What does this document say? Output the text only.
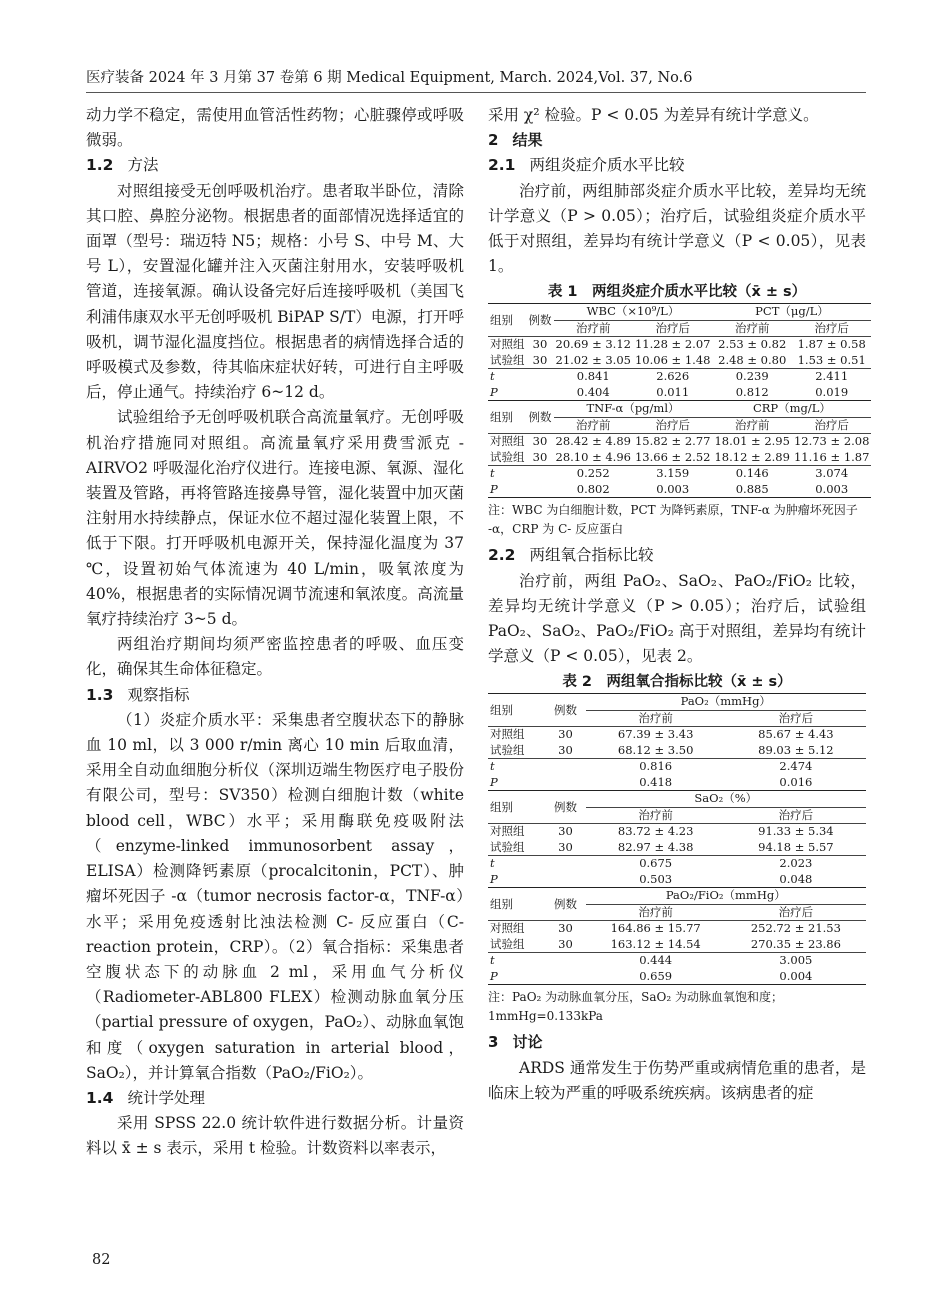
医疗装备 2024 年 3 月第 37 卷第 6 期 Medical Equipment, March. 2024,Vol. 37, No.6

动力学不稳定，需使用血管活性药物；心脏骤停或呼吸微弱。

1.2 方法

对照组接受无创呼吸机治疗。患者取半卧位，清除其口腔、鼻腔分泌物。根据患者的面部情况选择适宜的面罩（型号：瑞迈特 N5；规格：小号 S、中号 M、大号 L），安置湿化罐并注入灭菌注射用水，安装呼吸机管道，连接氧源。确认设备完好后连接呼吸机（美国飞利浦伟康双水平无创呼吸机 BiPAP S/T）电源，打开呼吸机，调节湿化温度挡位。根据患者的病情选择合适的呼吸模式及参数，待其临床症状好转，可进行自主呼吸后，停止通气。持续治疗 6~12 d。

试验组给予无创呼吸机联合高流量氧疗。无创呼吸机治疗措施同对照组。高流量氧疗采用费雪派克 -AIRVO2 呼吸湿化治疗仪进行。连接电源、氧源、湿化装置及管路，再将管路连接鼻导管，湿化装置中加灭菌注射用水持续静点，保证水位不超过湿化装置上限，不低于下限。打开呼吸机电源开关，保持湿化温度为 37 ℃，设置初始气体流速为 40 L/min，吸氧浓度为 40%，根据患者的实际情况调节流速和氧浓度。高流量氧疗持续治疗 3~5 d。

两组治疗期间均须严密监控患者的呼吸、血压变化，确保其生命体征稳定。

1.3 观察指标

（1）炎症介质水平：采集患者空腹状态下的静脉血 10 ml，以 3 000 r/min 离心 10 min 后取血清，采用全自动血细胞分析仪（深圳迈端生物医疗电子股份有限公司，型号：SV350）检测白细胞计数（white blood cell，WBC）水平；采用酶联免疫吸附法（enzyme-linked immunosorbent assay，ELISA）检测降钙素原（procalcitonin，PCT）、肿瘤坏死因子 -α（tumor necrosis factor-α，TNF-α）水平；采用免疫透射比浊法检测 C- 反应蛋白（C-reaction protein，CRP）。（2）氧合指标：采集患者空腹状态下的动脉血 2 ml，采用血气分析仪（Radiometer-ABL800 FLEX）检测动脉血氧分压（partial pressure of oxygen，PaO₂）、动脉血氧饱和度（oxygen saturation in arterial blood，SaO₂），并计算氧合指数（PaO₂/FiO₂）。

1.4 统计学处理

采用 SPSS 22.0 统计软件进行数据分析。计量资料以 x̄ ± s 表示，采用 t 检验。计数资料以率表示，

采用 χ² 检验。P < 0.05 为差异有统计学意义。

2 结果
2.1 两组炎症介质水平比较

治疗前，两组肺部炎症介质水平比较，差异均无统计学意义（P > 0.05）；治疗后，试验组炎症介质水平低于对照组，差异均有统计学意义（P < 0.05），见表 1。

表 1　两组炎症介质水平比较（x̄ ± s）
组别	例数	WBC（×10⁹/L）		PCT（μg/L）	
		治疗前	治疗后	治疗前	治疗后
对照组	30	20.69 ± 3.12	11.28 ± 2.07	2.53 ± 0.82	1.87 ± 0.58
试验组	30	21.02 ± 3.05	10.06 ± 1.48	2.48 ± 0.80	1.53 ± 0.51
t		0.841	2.626	0.239	2.411
P		0.404	0.011	0.812	0.019
组别	例数	TNF-α（pg/ml）		CRP（mg/L）	
		治疗前	治疗后	治疗前	治疗后
对照组	30	28.42 ± 4.89	15.82 ± 2.77	18.01 ± 2.95	12.73 ± 2.08
试验组	30	28.10 ± 4.96	13.66 ± 2.52	18.12 ± 2.89	11.16 ± 1.87
t		0.252	3.159	0.146	3.074
P		0.802	0.003	0.885	0.003
注：WBC 为白细胞计数，PCT 为降钙素原，TNF-α 为肿瘤坏死因子 -α，CRP 为 C- 反应蛋白
2.2 两组氧合指标比较

治疗前，两组 PaO₂、SaO₂、PaO₂/FiO₂ 比较，差异均无统计学意义（P > 0.05）；治疗后，试验组 PaO₂、SaO₂、PaO₂/FiO₂ 高于对照组，差异均有统计学意义（P < 0.05），见表 2。

表 2　两组氧合指标比较（x̄ ± s）
组别	例数	PaO₂（mmHg）	
		治疗前	治疗后
对照组	30	67.39 ± 3.43	85.67 ± 4.43
试验组	30	68.12 ± 3.50	89.03 ± 5.12
t		0.816	2.474
P		0.418	0.016
组别	例数	SaO₂（%）	
		治疗前	治疗后
对照组	30	83.72 ± 4.23	91.33 ± 5.34
试验组	30	82.97 ± 4.38	94.18 ± 5.57
t		0.675	2.023
P		0.503	0.048
组别	例数	PaO₂/FiO₂（mmHg）	
		治疗前	治疗后
对照组	30	164.86 ± 15.77	252.72 ± 21.53
试验组	30	163.12 ± 14.54	270.35 ± 23.86
t		0.444	3.005
P		0.659	0.004
注：PaO₂ 为动脉血氧分压，SaO₂ 为动脉血氧饱和度；1mmHg=0.133kPa
3 讨论

ARDS 通常发生于伤势严重或病情危重的患者，是临床上较为严重的呼吸系统疾病。该病患者的症

82
